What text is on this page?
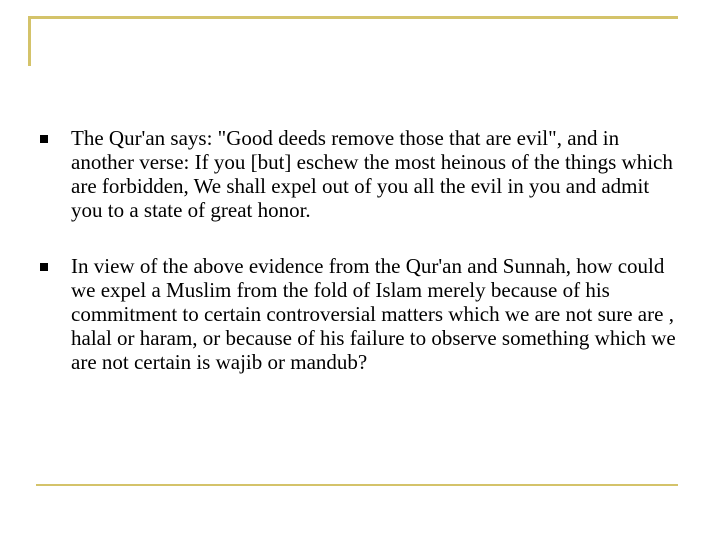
The Qur'an says: "Good deeds remove those that are evil", and in another verse: If you [but] eschew the most heinous of the things which are forbidden, We shall expel out of you all the evil in you and admit you to a state of great honor.
In view of the above evidence from the Qur'an and Sunnah, how could we expel a Muslim from the fold of Islam merely because of his commitment to certain controversial matters which we are not sure are , halal or haram, or because of his failure to observe something which we are not certain is wajib or mandub?
